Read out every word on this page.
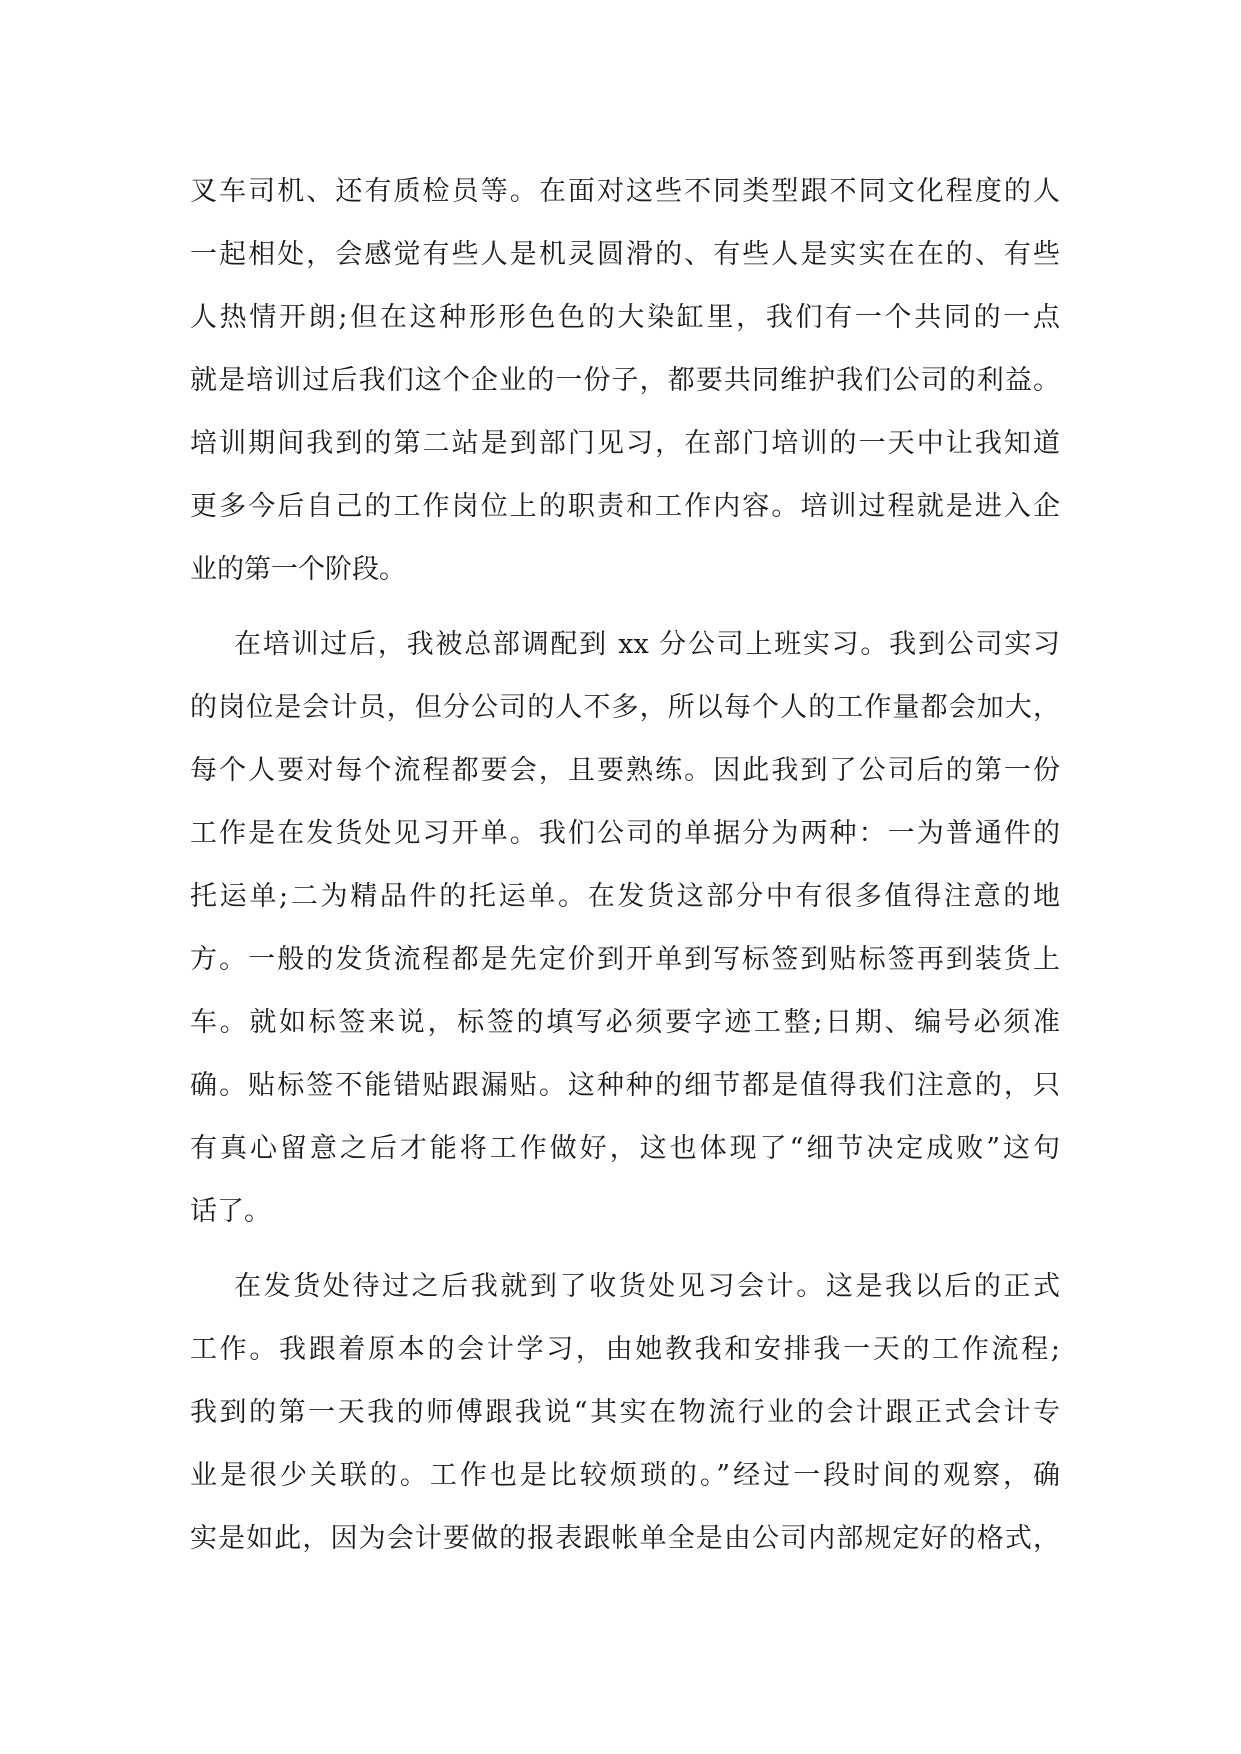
叉车司机、还有质检员等。在面对这些不同类型跟不同文化程度的人
一起相处，会感觉有些人是机灵圆滑的、有些人是实实在在的、有些
人热情开朗;但在这种形形色色的大染缸里，我们有一个共同的一点
就是培训过后我们这个企业的一份子，都要共同维护我们公司的利益。
培训期间我到的第二站是到部门见习，在部门培训的一天中让我知道
更多今后自己的工作岗位上的职责和工作内容。培训过程就是进入企
业的第一个阶段。
在培训过后，我被总部调配到 xx 分公司上班实习。我到公司实习
的岗位是会计员，但分公司的人不多，所以每个人的工作量都会加大，
每个人要对每个流程都要会，且要熟练。因此我到了公司后的第一份
工作是在发货处见习开单。我们公司的单据分为两种：一为普通件的
托运单;二为精品件的托运单。在发货这部分中有很多值得注意的地
方。一般的发货流程都是先定价到开单到写标签到贴标签再到装货上
车。就如标签来说，标签的填写必须要字迹工整;日期、编号必须准
确。贴标签不能错贴跟漏贴。这种种的细节都是值得我们注意的，只
有真心留意之后才能将工作做好，这也体现了“细节决定成败”这句
话了。
在发货处待过之后我就到了收货处见习会计。这是我以后的正式
工作。我跟着原本的会计学习，由她教我和安排我一天的工作流程;
我到的第一天我的师傅跟我说“其实在物流行业的会计跟正式会计专
业是很少关联的。工作也是比较烦琐的。”经过一段时间的观察，确
实是如此，因为会计要做的报表跟帐单全是由公司内部规定好的格式，
